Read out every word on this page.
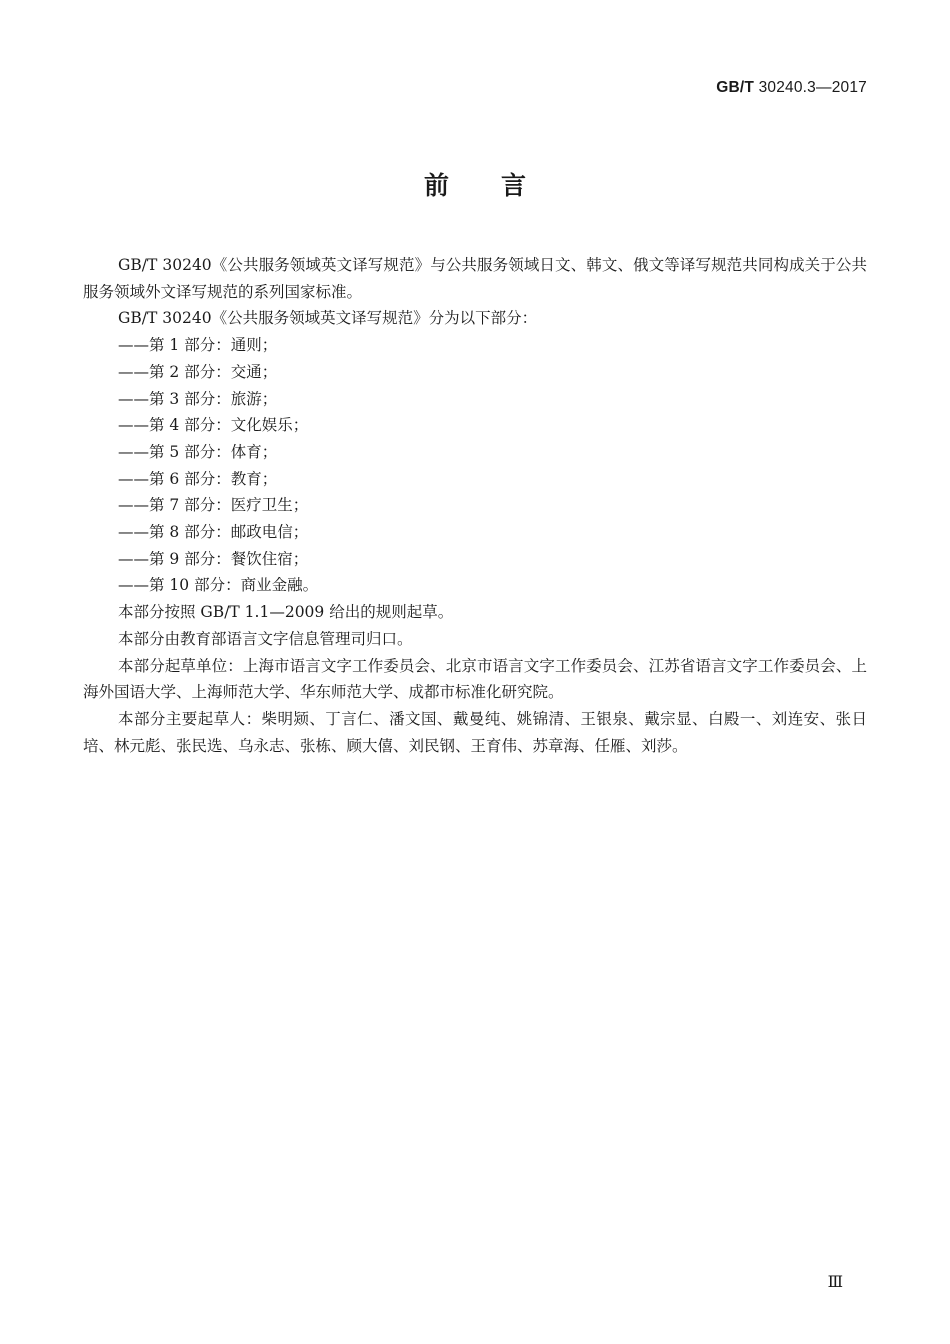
GB/T 30240.3—2017
前言

GB/T 30240《公共服务领域英文译写规范》与公共服务领域日文、韩文、俄文等译写规范共同构成关于公共服务领域外文译写规范的系列国家标准。

GB/T 30240《公共服务领域英文译写规范》分为以下部分：

——第 1 部分：通则；

——第 2 部分：交通；

——第 3 部分：旅游；

——第 4 部分：文化娱乐；

——第 5 部分：体育；

——第 6 部分：教育；

——第 7 部分：医疗卫生；

——第 8 部分：邮政电信；

——第 9 部分：餐饮住宿；

——第 10 部分：商业金融。

本部分按照 GB/T 1.1—2009 给出的规则起草。

本部分由教育部语言文字信息管理司归口。

本部分起草单位：上海市语言文字工作委员会、北京市语言文字工作委员会、江苏省语言文字工作委员会、上海外国语大学、上海师范大学、华东师范大学、成都市标准化研究院。

本部分主要起草人：柴明颎、丁言仁、潘文国、戴曼纯、姚锦清、王银泉、戴宗显、白殿一、刘连安、张日培、林元彪、张民选、乌永志、张栋、顾大僖、刘民钢、王育伟、苏章海、任雁、刘莎。

Ⅲ
